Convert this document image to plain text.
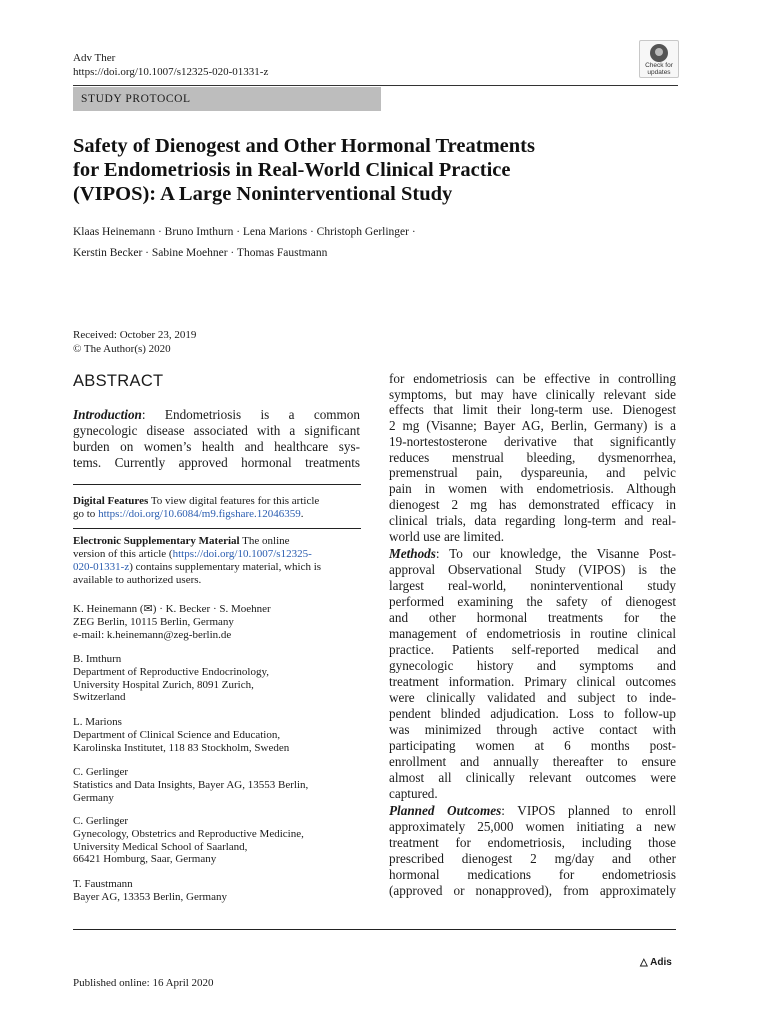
Adv Ther
https://doi.org/10.1007/s12325-020-01331-z
Check for updates
STUDY PROTOCOL
Safety of Dienogest and Other Hormonal Treatments
for Endometriosis in Real-World Clinical Practice
(VIPOS): A Large Noninterventional Study
Klaas Heinemann · Bruno Imthurn · Lena Marions · Christoph Gerlinger ·
Kerstin Becker · Sabine Moehner · Thomas Faustmann
Received: October 23, 2019
© The Author(s) 2020
ABSTRACT
Introduction: Endometriosis is a common
gynecologic disease associated with a significant
burden on women’s health and healthcare sys-
tems. Currently approved hormonal treatments
Digital Features To view digital features for this article
go to https://doi.org/10.6084/m9.figshare.12046359.
Electronic Supplementary Material The online
version of this article (https://doi.org/10.1007/s12325-
020-01331-z) contains supplementary material, which is
available to authorized users.
K. Heinemann (✉) · K. Becker · S. Moehner
ZEG Berlin, 10115 Berlin, Germany
e-mail: k.heinemann@zeg-berlin.de
B. Imthurn
Department of Reproductive Endocrinology,
University Hospital Zurich, 8091 Zurich,
Switzerland
L. Marions
Department of Clinical Science and Education,
Karolinska Institutet, 118 83 Stockholm, Sweden
C. Gerlinger
Statistics and Data Insights, Bayer AG, 13553 Berlin,
Germany
C. Gerlinger
Gynecology, Obstetrics and Reproductive Medicine,
University Medical School of Saarland,
66421 Homburg, Saar, Germany
T. Faustmann
Bayer AG, 13353 Berlin, Germany
for endometriosis can be effective in controlling
symptoms, but may have clinically relevant side
effects that limit their long-term use. Dienogest
2 mg (Visanne; Bayer AG, Berlin, Germany) is a
19-nortestosterone derivative that significantly
reduces menstrual bleeding, dysmenorrhea,
premenstrual pain, dyspareunia, and pelvic
pain in women with endometriosis. Although
dienogest 2 mg has demonstrated efficacy in
clinical trials, data regarding long-term and real-
world use are limited.
Methods: To our knowledge, the Visanne Post-
approval Observational Study (VIPOS) is the
largest real-world, noninterventional study
performed examining the safety of dienogest
and other hormonal treatments for the
management of endometriosis in routine clinical
practice. Patients self-reported medical and
gynecologic history and symptoms and
treatment information. Primary clinical outcomes
were clinically validated and subject to inde-
pendent blinded adjudication. Loss to follow-up
was minimized through active contact with
participating women at 6 months post-
enrollment and annually thereafter to ensure
almost all clinically relevant outcomes were
captured.
Planned Outcomes: VIPOS planned to enroll
approximately 25,000 women initiating a new
treatment for endometriosis, including those
prescribed dienogest 2 mg/day and other
hormonal medications for endometriosis
(approved or nonapproved), from approximately
△ Adis
Published online: 16 April 2020
